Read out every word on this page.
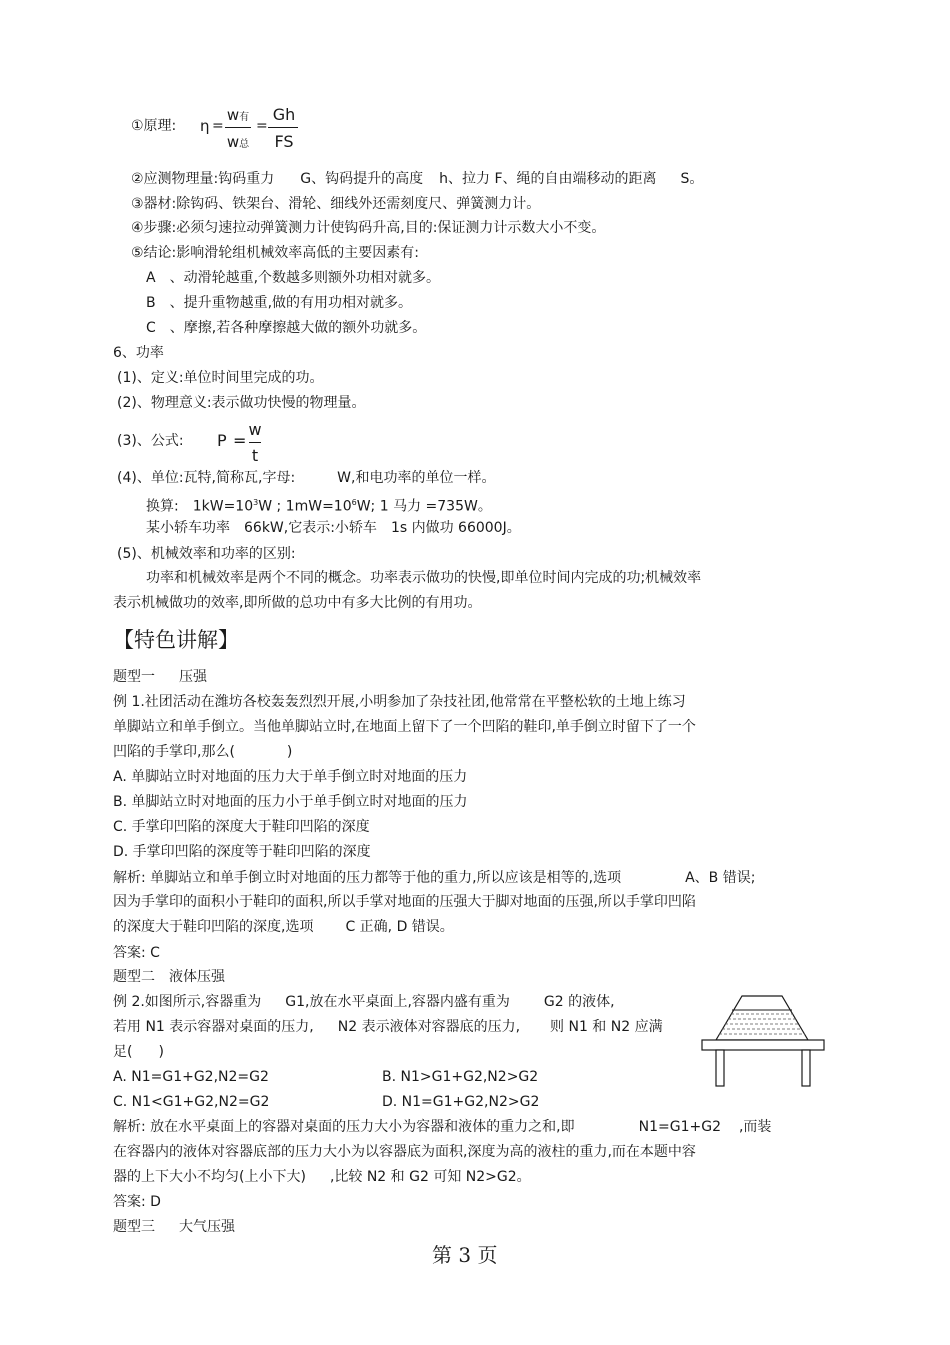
①原理: η =
w有
w总
=
Gh
FS
②应测物理量:钩码重力 G、钩码提升的高度 h、拉力 F、绳的自由端移动的距离 S。
③器材:除钩码、铁架台、滑轮、细线外还需刻度尺、弹簧测力计。
④步骤:必须匀速拉动弹簧测力计使钩码升高,目的:保证测力计示数大小不变。
⑤结论:影响滑轮组机械效率高低的主要因素有:
A 、动滑轮越重,个数越多则额外功相对就多。
B 、提升重物越重,做的有用功相对就多。
C 、摩擦,若各种摩擦越大做的额外功就多。
6、功率
(1)、定义:单位时间里完成的功。
(2)、物理意义:表示做功快慢的物理量。
(3)、公式: P =
w
t
(4)、单位:瓦特,简称瓦,字母:	W,和电功率的单位一样。
换算: $1kW=10^3W$ ; $1mW=10^6W$; 1 马力 =735W。
某小轿车功率 66kW,它表示:小轿车 1s 内做功 66000J。
(5)、机械效率和功率的区别:
功率和机械效率是两个不同的概念。功率表示做功的快慢,即单位时间内完成的功;机械效率
表示机械做功的效率,即所做的总功中有多大比例的有用功。
【特色讲解】
题型一 压强
例 1.社团活动在潍坊各校轰轰烈烈开展,小明参加了杂技社团,他常常在平整松软的土地上练习
单脚站立和单手倒立。当他单脚站立时,在地面上留下了一个凹陷的鞋印,单手倒立时留下了一个
凹陷的手掌印,那么(	)
A. 单脚站立时对地面的压力大于单手倒立时对地面的压力
B. 单脚站立时对地面的压力小于单手倒立时对地面的压力
C. 手掌印凹陷的深度大于鞋印凹陷的深度
D. 手掌印凹陷的深度等于鞋印凹陷的深度
解析: 单脚站立和单手倒立时对地面的压力都等于他的重力,所以应该是相等的,选项	A、B 错误;
因为手掌印的面积小于鞋印的面积,所以手掌对地面的压强大于脚对地面的压强,所以手掌印凹陷
的深度大于鞋印凹陷的深度,选项 C 正确, D 错误。
答案: C
题型二 液体压强
例 2.如图所示,容器重为 G1,放在水平桌面上,容器内盛有重为 G2 的液体,
若用 N1 表示容器对桌面的压力, N2 表示液体对容器底的压力, 则 N1 和 N2 应满
足( )
A. N1=G1+G2,N2=G2	B. N1>G1+G2,N2>G2
C. N1<G1+G2,N2=G2	D. N1=G1+G2,N2>G2
解析: 放在水平桌面上的容器对桌面的压力大小为容器和液体的重力之和,即	N1=G1+G2 ,而装
在容器内的液体对容器底部的压力大小为以容器底为面积,深度为高的液柱的重力,而在本题中容
器的上下大小不均匀(上小下大) ,比较 N2 和 G2 可知 N2>G2。
答案: D
题型三 大气压强
第 3 页
